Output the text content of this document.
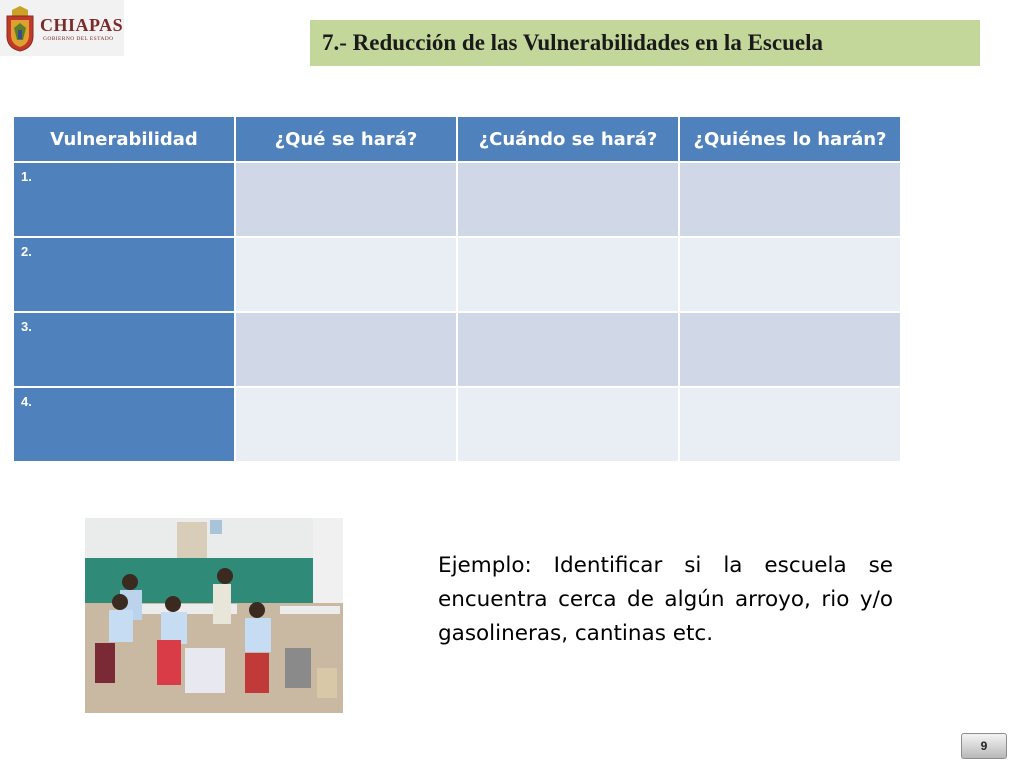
CHIAPAS
GOBIERNO DEL ESTADO	7.- Reducción de las Vulnerabilidades en la Escuela
Vulnerabilidad	¿Qué se hará?	¿Cuándo se hará?	¿Quiénes lo harán?
1.			
2.			
3.			
4.			
Ejemplo: Identificar si la escuela se encuentra cerca de algún arroyo, rio y/o gasolineras, cantinas etc.
9
